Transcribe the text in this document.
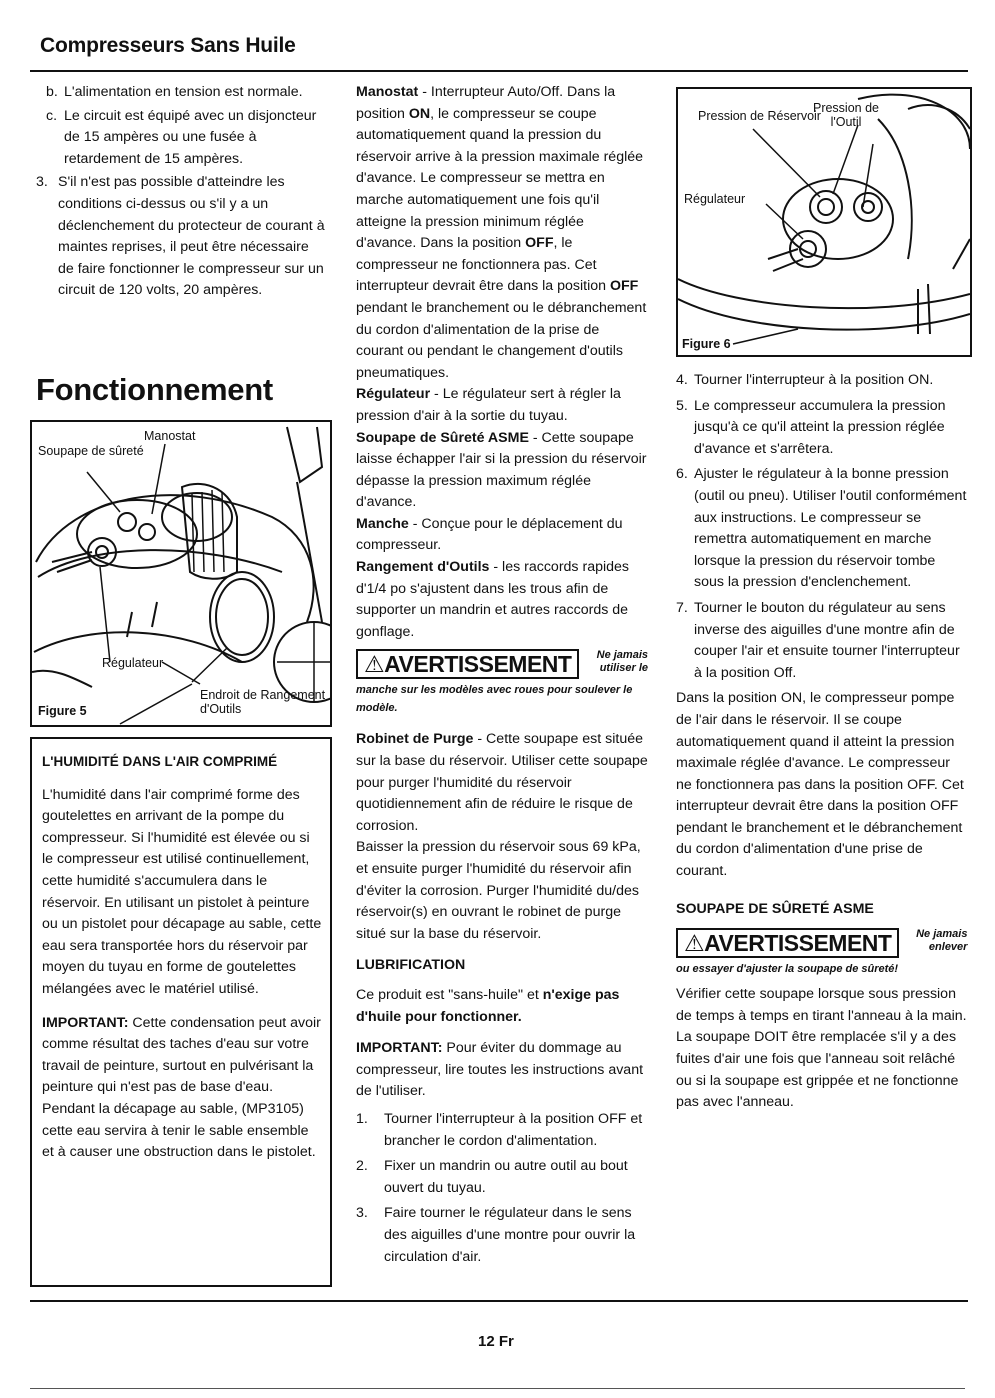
Compresseurs Sans Huile
b. L'alimentation en tension est normale.
c. Le circuit est équipé avec un disjoncteur de 15 ampères ou une fusée à retardement de 15 ampères.
3. S'il n'est pas possible d'atteindre les conditions ci-dessus ou s'il y a un déclenchement du protecteur de courant à maintes reprises, il peut être nécessaire de faire fonctionner le compresseur sur un circuit de 120 volts, 20 ampères.
Fonctionnement
Soupape de sûreté
Manostat
Régulateur
Endroit de Rangement d'Outils
Figure 5
L'HUMIDITÉ DANS L'AIR COMPRIMÉ

L'humidité dans l'air comprimé forme des goutelettes en arrivant de la pompe du compresseur. Si l'humidité est élevée ou si le compresseur est utilisé continuellement, cette humidité s'accumulera dans le réservoir. En utilisant un pistolet à peinture ou un pistolet pour décapage au sable, cette eau sera transportée hors du réservoir par moyen du tuyau en forme de goutelettes mélangées avec le matériel utilisé.

IMPORTANT: Cette condensation peut avoir comme résultat des taches d'eau sur votre travail de peinture, surtout en pulvérisant la peinture qui n'est pas de base d'eau. Pendant la décapage au sable, (MP3105) cette eau servira à tenir le sable ensemble et à causer une obstruction dans le pistolet.

Manostat - Interrupteur Auto/Off. Dans la position ON, le compresseur se coupe automatiquement quand la pression du réservoir arrive à la pression maximale réglée d'avance. Le compresseur se mettra en marche automatiquement une fois qu'il atteigne la pression minimum réglée d'avance. Dans la position OFF, le compresseur ne fonctionnera pas. Cet interrupteur devrait être dans la position OFF pendant le branchement ou le débranchement du cordon d'alimentation de la prise de courant ou pendant le changement d'outils pneumatiques.

Régulateur - Le régulateur sert à régler la pression d'air à la sortie du tuyau.

Soupape de Sûreté ASME - Cette soupape laisse échapper l'air si la pression du réservoir dépasse la pression maximum réglée d'avance.

Manche - Conçue pour le déplacement du compresseur.

Rangement d'Outils - les raccords rapides d'1/4 po s'ajustent dans les trous afin de supporter un mandrin et autres raccords de gonflage.

⚠AVERTISSEMENT	Ne jamais utiliser le
manche sur les modèles avec roues pour soulever le modèle.

Robinet de Purge - Cette soupape est située sur la base du réservoir. Utiliser cette soupape pour purger l'humidité du réservoir quotidiennement afin de réduire le risque de corrosion.

Baisser la pression du réservoir sous 69 kPa, et ensuite purger l'humidité du réservoir afin d'éviter la corrosion. Purger l'humidité du/des réservoir(s) en ouvrant le robinet de purge situé sur la base du réservoir.

LUBRIFICATION

Ce produit est "sans-huile" et n'exige pas d'huile pour fonctionner.

IMPORTANT: Pour éviter du dommage au compresseur, lire toutes les instructions avant de l'utiliser.

1. Tourner l'interrupteur à la position OFF et brancher le cordon d'alimentation.
2. Fixer un mandrin ou autre outil au bout ouvert du tuyau.
3. Faire tourner le régulateur dans le sens des aiguilles d'une montre pour ouvrir la circulation d'air.
Pression de Réservoir
Pression de l'Outil
Régulateur
Figure 6
4. Tourner l'interrupteur à la position ON.
5. Le compresseur accumulera la pression jusqu'à ce qu'il atteint la pression réglée d'avance et s'arrêtera.
6. Ajuster le régulateur à la bonne pression (outil ou pneu). Utiliser l'outil conformément aux instructions. Le compresseur se remettra automatiquement en marche lorsque la pression du réservoir tombe sous la pression d'enclenchement.
7. Tourner le bouton du régulateur au sens inverse des aiguilles d'une montre afin de couper l'air et ensuite tourner l'interrupteur à la position Off.

Dans la position ON, le compresseur pompe de l'air dans le réservoir. Il se coupe automatiquement quand il atteint la pression maximale réglée d'avance. Le compresseur ne fonctionnera pas dans la position OFF. Cet interrupteur devrait être dans la position OFF pendant le branchement et le débranchement du cordon d'alimentation d'une prise de courant.

SOUPAPE DE SÛRETÉ ASME

⚠AVERTISSEMENT	Ne jamais enlever
ou essayer d'ajuster la soupape de sûreté!

Vérifier cette soupape lorsque sous pression de temps à temps en tirant l'anneau à la main. La soupape DOIT être remplacée s'il y a des fuites d'air une fois que l'anneau soit relâché ou si la soupape est grippée et ne fonctionne pas avec l'anneau.

12 Fr
